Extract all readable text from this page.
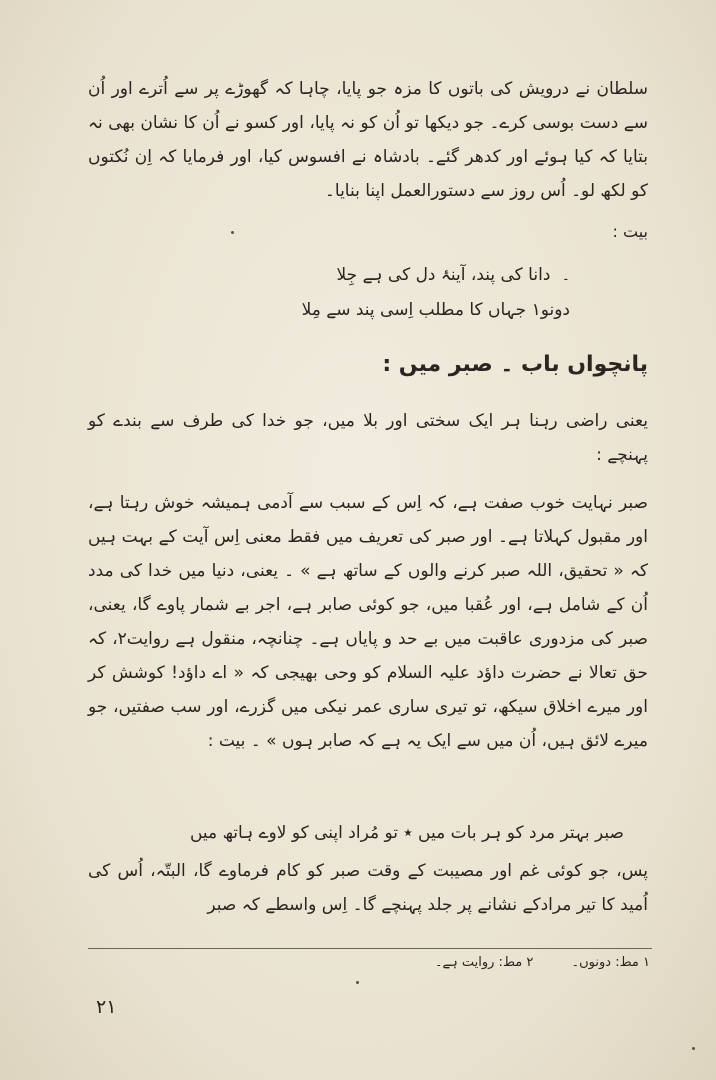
سلطان نے درویش کی باتوں کا مزہ جو پایا، چاہا کہ گھوڑے پر سے اُترے اور اُن سے دست بوسی کرے۔ جو دیکھا تو اُن کو نہ پایا، اور کسو نے اُن کا نشان بھی نہ بتایا کہ کیا ہوئے اور کدھر گئے۔ بادشاہ نے افسوس کیا، اور فرمایا کہ اِن نُکتوں کو لکھ لو۔ اُس روز سے دستورالعمل اپنا بنایا۔

بیت :
۔ دانا کی پند، آینۂ دل کی ہے جِلا
دونو۱ جہاں کا مطلب اِسی پند سے مِلا
پانچواں باب ۔ صبر میں :

یعنی راضی رہنا ہر ایک سختی اور بلا میں، جو خدا کی طرف سے بندے کو پہنچے :

صبر نہایت خوب صفت ہے، کہ اِس کے سبب سے آدمی ہمیشہ خوش رہتا ہے، اور مقبول کہلاتا ہے۔ اور صبر کی تعریف میں فقط معنی اِس آیت کے بہت ہیں کہ « تحقیق، اللہ صبر کرنے والوں کے ساتھ ہے » ۔ یعنی، دنیا میں خدا کی مدد اُن کے شامل ہے، اور عُقبا میں، جو کوئی صابر ہے، اجر بے شمار پاوے گا، یعنی، صبر کی مزدوری عاقبت میں بے حد و پایاں ہے۔ چنانچہ، منقول ہے روایت۲، کہ حق تعالا نے حضرت داؤد علیہ السلام کو وحی بھیجی کہ « اے داؤد! کوشش کر اور میرے اخلاق سیکھ، تو تیری ساری عمر نیکی میں گزرے، اور سب صفتیں، جو میرے لائق ہیں، اُن میں سے ایک یہ ہے کہ صابر ہوں » ۔ بیت :

صبر بہتر مرد کو ہر بات میں ٭ تو مُراد اپنی کو لاوے ہاتھ میں

پس، جو کوئی غم اور مصیبت کے وقت صبر کو کام فرماوے گا، البتّہ، اُس کی اُمید کا تیر مرادکے نشانے پر جلد پہنچے گا۔ اِس واسطے کہ صبر

۱ مط: دونوں۔ ۲ مط: روایت ہے۔
۲۱
